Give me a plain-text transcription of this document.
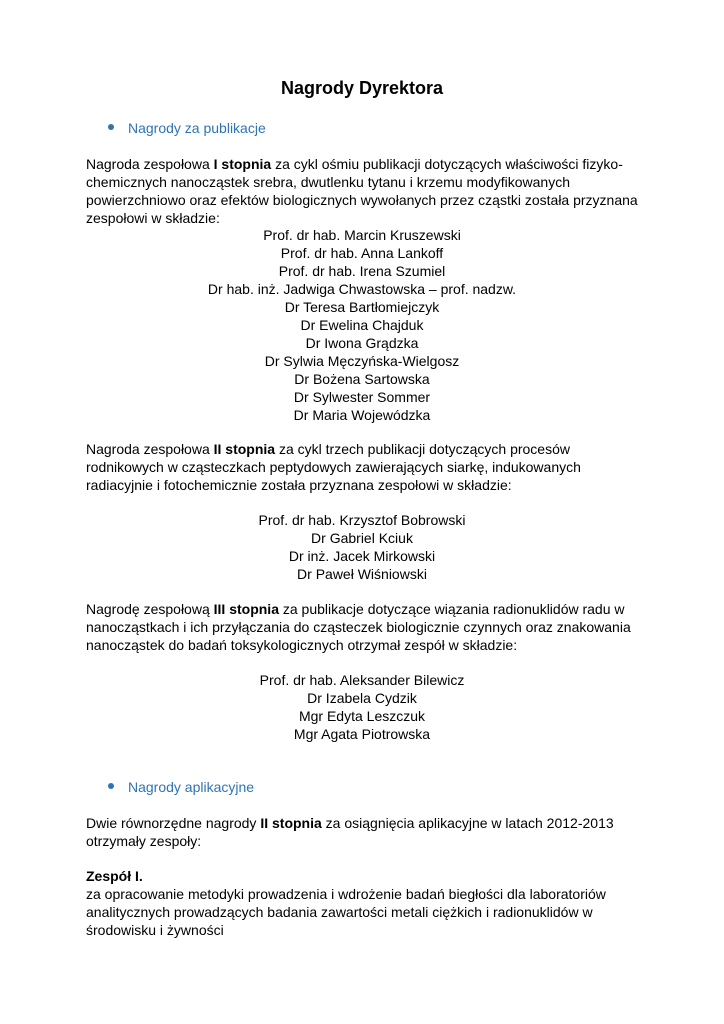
Nagrody Dyrektora
Nagrody za publikacje
Nagroda zespołowa I stopnia za cykl ośmiu publikacji dotyczących właściwości fizyko-chemicznych nanocząstek srebra, dwutlenku tytanu i krzemu modyfikowanych powierzchniowo oraz efektów biologicznych wywołanych przez cząstki została przyznana zespołowi w składzie:
Prof. dr hab. Marcin Kruszewski
Prof. dr hab. Anna Lankoff
Prof. dr hab. Irena Szumiel
Dr hab. inż. Jadwiga Chwastowska – prof. nadzw.
Dr Teresa Bartłomiejczyk
Dr Ewelina Chajduk
Dr Iwona Grądzka
Dr Sylwia Męczyńska-Wielgosz
Dr Bożena Sartowska
Dr Sylwester Sommer
Dr Maria Wojewódzka
Nagroda zespołowa II stopnia za cykl trzech publikacji dotyczących procesów rodnikowych w cząsteczkach peptydowych zawierających siarkę, indukowanych radiacyjnie i fotochemicznie została przyznana zespołowi w składzie:
Prof. dr hab. Krzysztof Bobrowski
Dr Gabriel Kciuk
Dr inż. Jacek Mirkowski
Dr Paweł Wiśniowski
Nagrodę zespołową III stopnia za publikacje dotyczące wiązania radionuklidów radu w nanocząstkach i ich przyłączania do cząsteczek biologicznie czynnych oraz znakowania nanocząstek do badań toksykologicznych otrzymał zespół w składzie:
Prof. dr hab. Aleksander Bilewicz
Dr Izabela Cydzik
Mgr Edyta Leszczuk
Mgr Agata Piotrowska
Nagrody aplikacyjne
Dwie równorzędne nagrody II stopnia za osiągnięcia aplikacyjne w latach 2012-2013 otrzymały zespoły:
Zespół I.
za opracowanie metodyki prowadzenia i wdrożenie badań biegłości dla laboratoriów analitycznych prowadzących badania zawartości metali ciężkich i radionuklidów w środowisku i żywności
